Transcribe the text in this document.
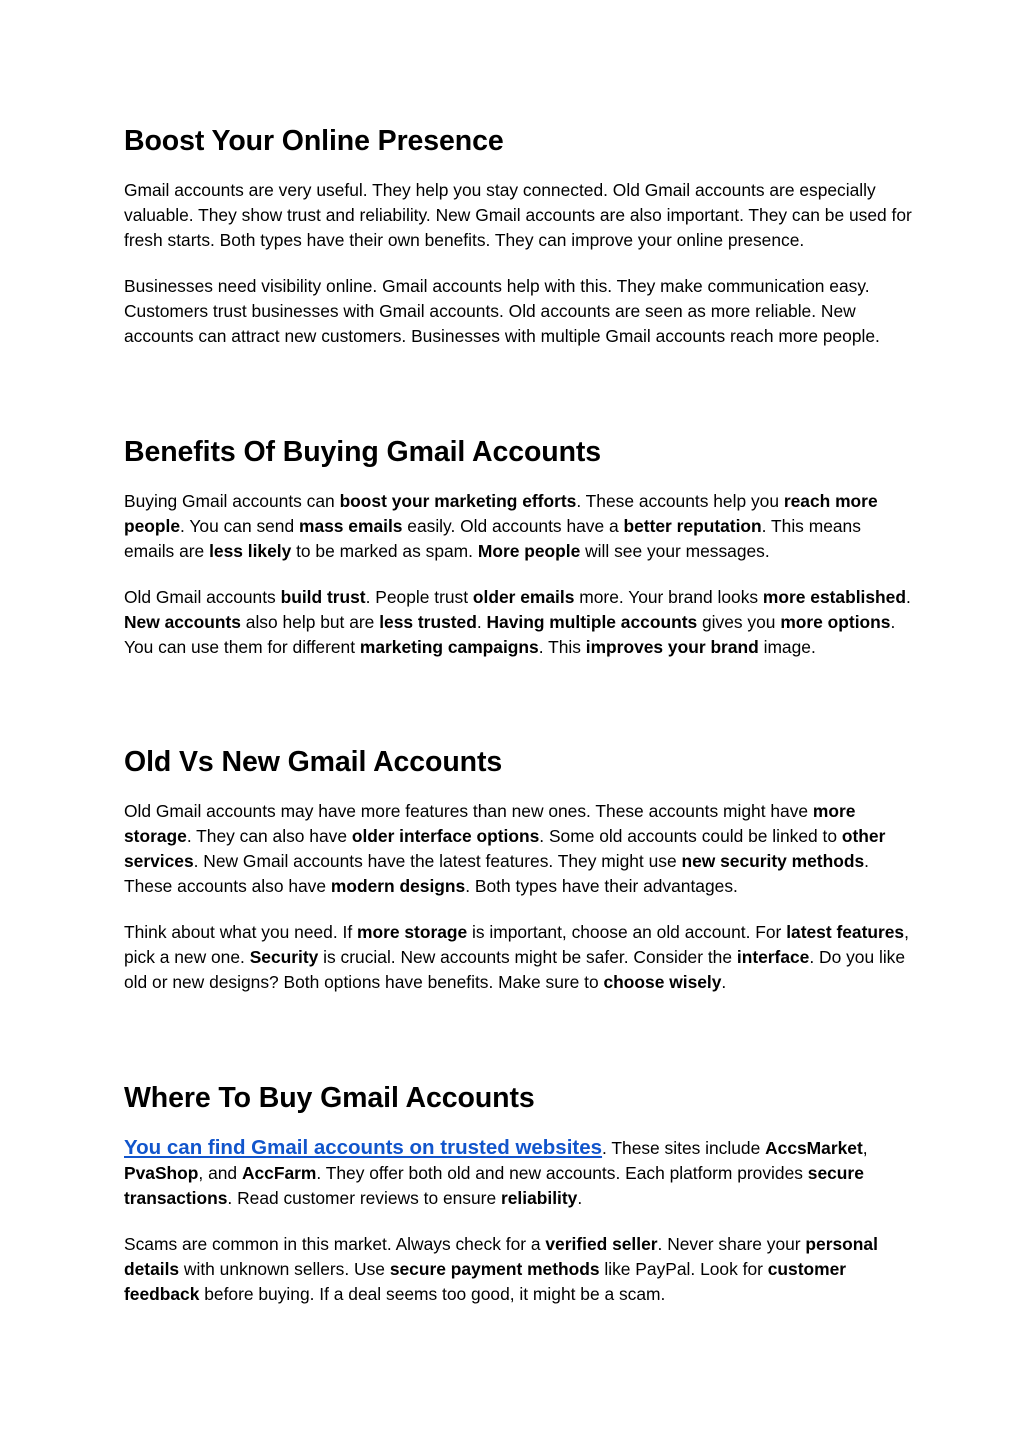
Boost Your Online Presence

Gmail accounts are very useful. They help you stay connected. Old Gmail accounts are especially valuable. They show trust and reliability. New Gmail accounts are also important. They can be used for fresh starts. Both types have their own benefits. They can improve your online presence.

Businesses need visibility online. Gmail accounts help with this. They make communication easy. Customers trust businesses with Gmail accounts. Old accounts are seen as more reliable. New accounts can attract new customers. Businesses with multiple Gmail accounts reach more people.

Benefits Of Buying Gmail Accounts

Buying Gmail accounts can boost your marketing efforts. These accounts help you reach more people. You can send mass emails easily. Old accounts have a better reputation. This means emails are less likely to be marked as spam. More people will see your messages.

Old Gmail accounts build trust. People trust older emails more. Your brand looks more established. New accounts also help but are less trusted. Having multiple accounts gives you more options. You can use them for different marketing campaigns. This improves your brand image.

Old Vs New Gmail Accounts

Old Gmail accounts may have more features than new ones. These accounts might have more storage. They can also have older interface options. Some old accounts could be linked to other services. New Gmail accounts have the latest features. They might use new security methods. These accounts also have modern designs. Both types have their advantages.

Think about what you need. If more storage is important, choose an old account. For latest features, pick a new one. Security is crucial. New accounts might be safer. Consider the interface. Do you like old or new designs? Both options have benefits. Make sure to choose wisely.

Where To Buy Gmail Accounts

You can find Gmail accounts on trusted websites. These sites include AccsMarket, PvaShop, and AccFarm. They offer both old and new accounts. Each platform provides secure transactions. Read customer reviews to ensure reliability.

Scams are common in this market. Always check for a verified seller. Never share your personal details with unknown sellers. Use secure payment methods like PayPal. Look for customer feedback before buying. If a deal seems too good, it might be a scam.
